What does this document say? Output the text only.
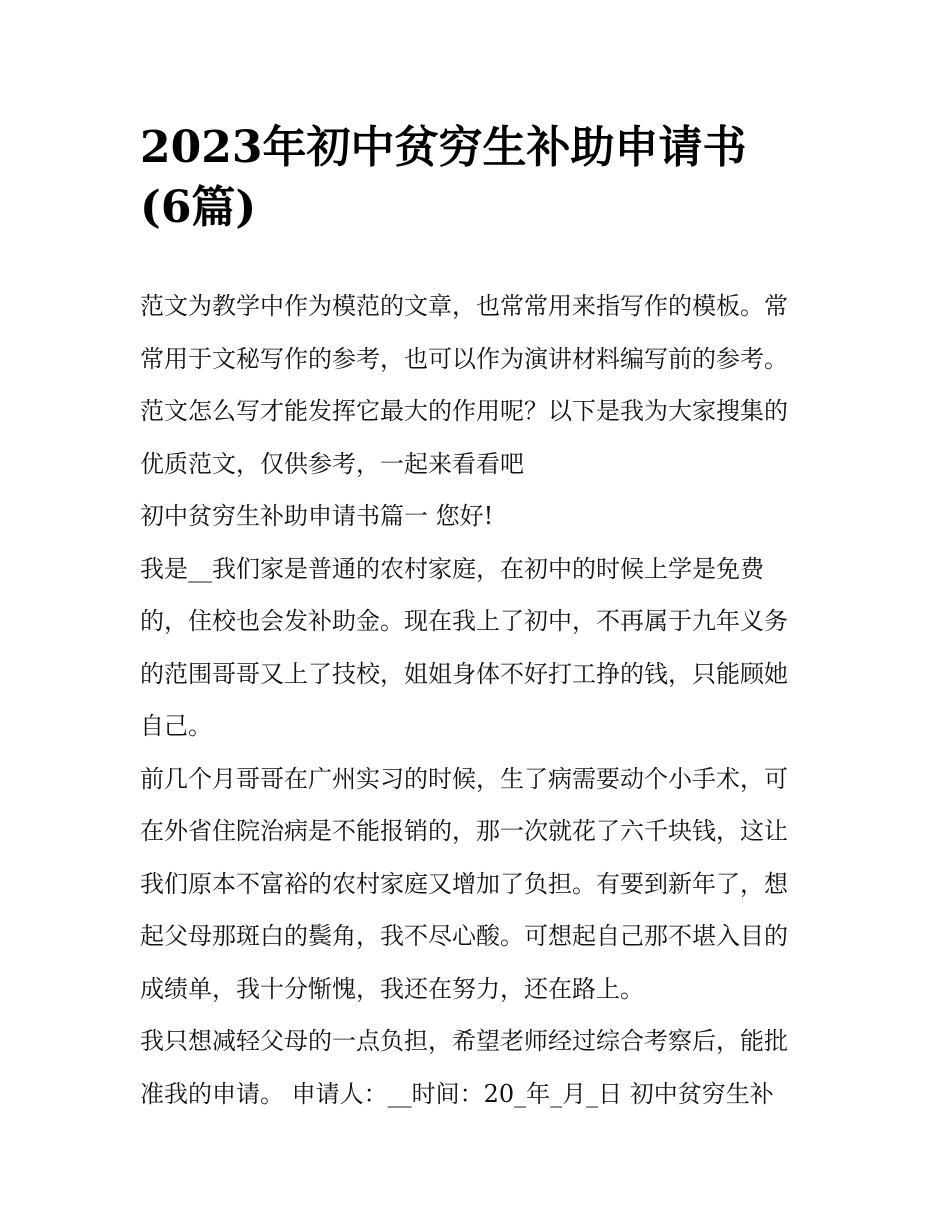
2023年初中贫穷生补助申请书
(6篇)
范文为教学中作为模范的文章，也常常用来指写作的模板。常
常用于文秘写作的参考，也可以作为演讲材料编写前的参考。
范文怎么写才能发挥它最大的作用呢？以下是我为大家搜集的
优质范文，仅供参考，一起来看看吧
初中贫穷生补助申请书篇一 您好!
我是__我们家是普通的农村家庭，在初中的时候上学是免费
的，住校也会发补助金。现在我上了初中，不再属于九年义务
的范围哥哥又上了技校，姐姐身体不好打工挣的钱，只能顾她
自己。
前几个月哥哥在广州实习的时候，生了病需要动个小手术，可
在外省住院治病是不能报销的，那一次就花了六千块钱，这让
我们原本不富裕的农村家庭又增加了负担。有要到新年了，想
起父母那斑白的鬓角，我不尽心酸。可想起自己那不堪入目的
成绩单，我十分惭愧，我还在努力，还在路上。
我只想减轻父母的一点负担，希望老师经过综合考察后，能批
准我的申请。 申请人：__时间：20_年_月_日 初中贫穷生补
